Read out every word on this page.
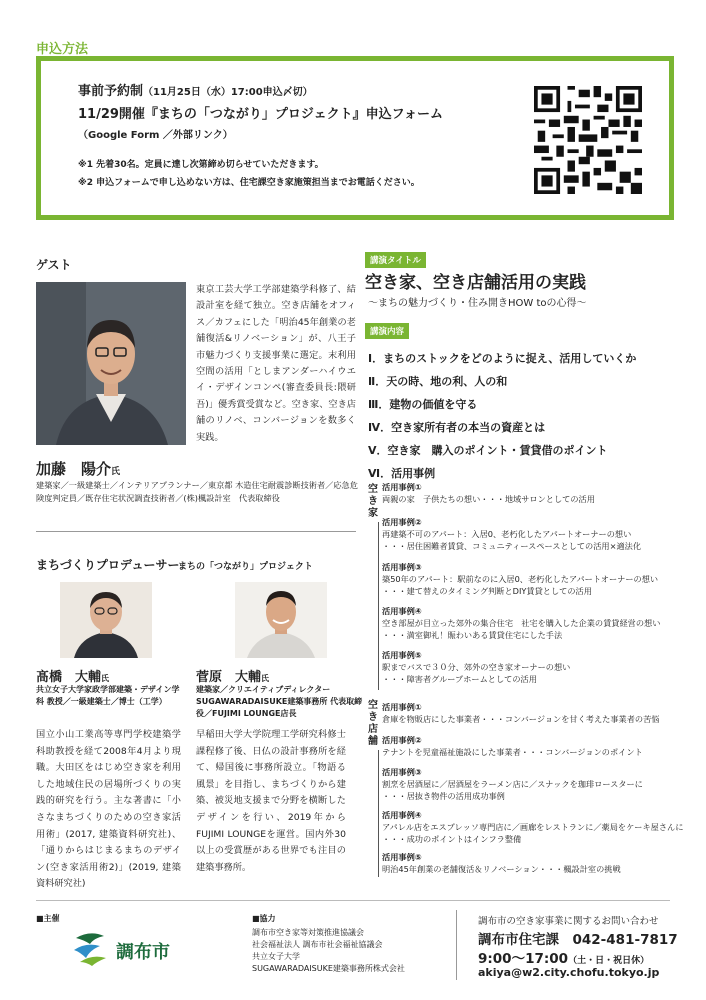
申込方法
事前予約制（11月25日（水）17:00申込〆切）
11/29開催『まちの「つながり」プロジェクト』申込フォーム
（Google Form ／外部リンク）
※1 先着30名。定員に達し次第締め切らせていただきます。
※2 申込フォームで申し込めない方は、住宅課空き家施策担当までお電話ください。
ゲスト
東京工芸大学工学部建築学科修了、結設計室を経て独立。空き店舗をオフィス／カフェにした「明治45年創業の老舗復活&リノベーション」が、八王子市魅力づくり支援事業に選定。末利用空間の活用「としまアンダーハイウエイ・デザインコンペ(審査委員長:隈研吾)」優秀賞受賞など。空き家、空き店舗のリノベ、コンバージョンを数多く実践。
加藤　陽介氏
建築家／一級建築士／インテリアプランナー／東京都 木造住宅耐震診断技術者／応急危険度判定員／既存住宅状況調査技術者／(株)楓設計室　代表取締役
まちづくりプロデューサー
まちの「つながり」プロジェクト
髙橋　大輔氏
共立女子大学家政学部建築・デザイン学科 教授／一級建築士／博士（工学）
国立小山工業高等専門学校建築学科助教授を経て2008年4月より現職。大田区をはじめ空き家を利用した地域住民の居場所づくりの実践的研究を行う。主な著書に「小さなまちづくりのための空き家活用術」(2017, 建築資料研究社)、「通りからはじまるまちのデザイン(空き家活用術2)」(2019, 建築資料研究社)
菅原　大輔氏
建築家／クリエイティブディレクター SUGAWARADAISUKE建築事務所 代表取締役／FUJIMI LOUNGE店長
早稲田大学大学院理工学研究科修士課程修了後、日仏の設計事務所を経て、帰国後に事務所設立。「物語る風景」を目指し、まちづくりから建築、被災地支援まで分野を横断したデザインを行い、2019年からFUJIMI LOUNGEを運営。国内外30以上の受賞歴がある世界でも注目の建築事務所。
講演タイトル
空き家、空き店舗活用の実践
～まちの魅力づくり・住み開きHOW toの心得～
講演内容
Ⅰ．まちのストックをどのように捉え、活用していくか
Ⅱ．天の時、地の利、人の和
Ⅲ．建物の価値を守る
Ⅳ．空き家所有者の本当の資産とは
Ⅴ．空き家　購入のポイント・賃貸借のポイント
Ⅵ．活用事例
空き家
空き店舗
活用事例①
両親の家　子供たちの想い・・・地域サロンとしての活用
活用事例②
再建築不可のアパート：入居0、老朽化したアパートオーナーの想い
・・・居住困難者賃貸、コミュニティースペースとしての活用×適法化
活用事例③
築50年のアパート：駅前なのに入居0、老朽化したアパートオーナーの想い
・・・建て替えのタイミング判断とDIY賃貸としての活用
活用事例④
空き部屋が目立った郊外の集合住宅　社宅を購入した企業の賃貸経営の想い
・・・満室御礼！賑わいある賃貸住宅にした手法
活用事例⑤
駅までバスで３０分、郊外の空き家オーナーの想い
・・・障害者グループホームとしての活用
活用事例①
倉庫を物販店にした事業者・・・コンバージョンを甘く考えた事業者の苦悩
活用事例②
テナントを児童福祉施設にした事業者・・・コンバージョンのポイント
活用事例③
割烹を居酒屋に／居酒屋をラーメン店に／スナックを珈琲ロースターに
・・・居抜き物件の活用成功事例
活用事例④
アパレル店をエスプレッソ専門店に／画廊をレストランに／薬局をケーキ屋さんに
・・・成功のポイントはインフラ整備
活用事例⑤
明治45年創業の老舗復活＆リノベーション・・・楓設計室の挑戦
■主催
調布市
■協力
調布市空き家等対策推進協議会
社会福祉法人 調布市社会福祉協議会
共立女子大学
SUGAWARADAISUKE建築事務所株式会社
調布市の空き家事業に関するお問い合わせ
調布市住宅課　042-481-7817
9:00～17:00（土・日・祝日休）
akiya@w2.city.chofu.tokyo.jp
